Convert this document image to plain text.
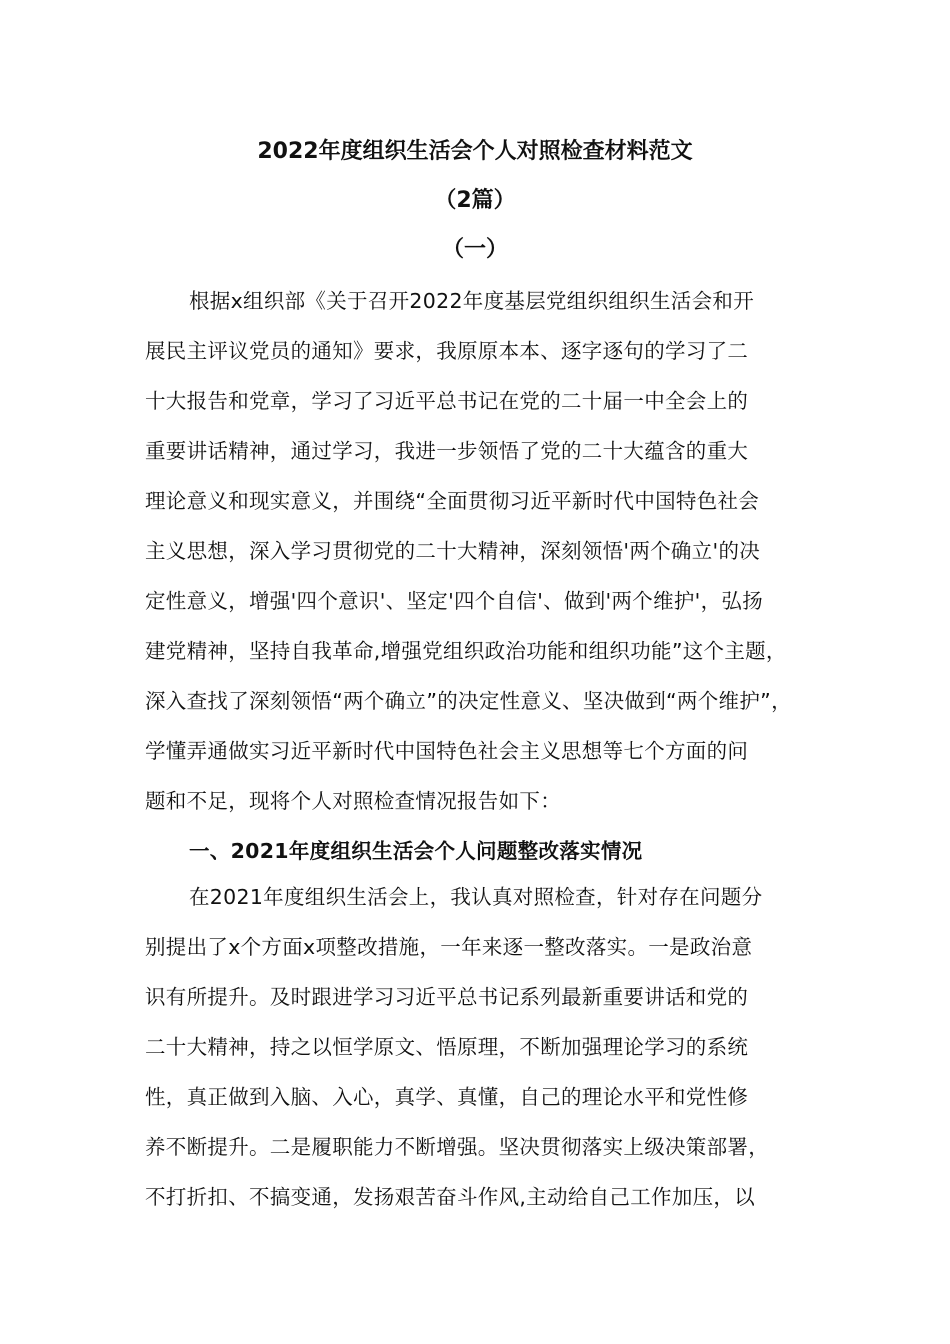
2022年度组织生活会个人对照检查材料范文
（2篇）
（一）
根据x组织部《关于召开2022年度基层党组织组织生活会和开
展民主评议党员的通知》要求，我原原本本、逐字逐句的学习了二
十大报告和党章，学习了习近平总书记在党的二十届一中全会上的
重要讲话精神，通过学习，我进一步领悟了党的二十大蕴含的重大
理论意义和现实意义，并围绕“全面贯彻习近平新时代中国特色社会
主义思想，深入学习贯彻党的二十大精神，深刻领悟'两个确立'的决
定性意义，增强'四个意识'、坚定'四个自信'、做到'两个维护'，弘扬
建党精神，坚持自我革命,增强党组织政治功能和组织功能”这个主题，
深入查找了深刻领悟“两个确立”的决定性意义、坚决做到“两个维护”，
学懂弄通做实习近平新时代中国特色社会主义思想等七个方面的问
题和不足，现将个人对照检查情况报告如下：
一、2021年度组织生活会个人问题整改落实情况
在2021年度组织生活会上，我认真对照检查，针对存在问题分
别提出了x个方面x项整改措施，一年来逐一整改落实。一是政治意
识有所提升。及时跟进学习习近平总书记系列最新重要讲话和党的
二十大精神，持之以恒学原文、悟原理，不断加强理论学习的系统
性，真正做到入脑、入心，真学、真懂，自己的理论水平和党性修
养不断提升。二是履职能力不断增强。坚决贯彻落实上级决策部署，
不打折扣、不搞变通，发扬艰苦奋斗作风,主动给自己工作加压，以
